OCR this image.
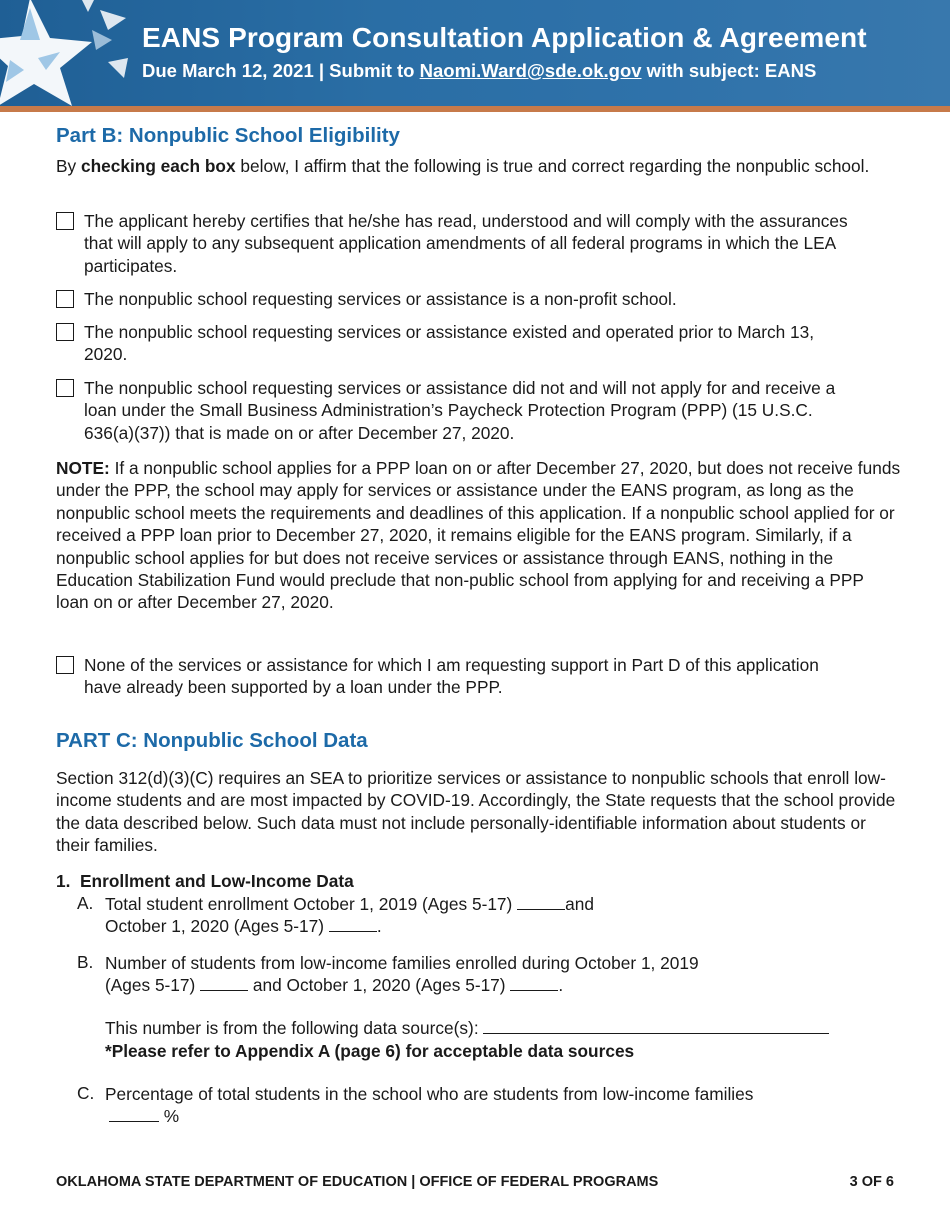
EANS Program Consultation Application & Agreement
Due March 12, 2021 | Submit to Naomi.Ward@sde.ok.gov with subject: EANS
Part B: Nonpublic School Eligibility
By checking each box below, I affirm that the following is true and correct regarding the nonpublic school.
The applicant hereby certifies that he/she has read, understood and will comply with the assurances that will apply to any subsequent application amendments of all federal programs in which the LEA participates.
The nonpublic school requesting services or assistance is a non-profit school.
The nonpublic school requesting services or assistance existed and operated prior to March 13, 2020.
The nonpublic school requesting services or assistance did not and will not apply for and receive a loan under the Small Business Administration’s Paycheck Protection Program (PPP) (15 U.S.C. 636(a)(37)) that is made on or after December 27, 2020.
NOTE: If a nonpublic school applies for a PPP loan on or after December 27, 2020, but does not receive funds under the PPP, the school may apply for services or assistance under the EANS program, as long as the nonpublic school meets the requirements and deadlines of this application. If a nonpublic school applied for or received a PPP loan prior to December 27, 2020, it remains eligible for the EANS program. Similarly, if a nonpublic school applies for but does not receive services or assistance through EANS, nothing in the Education Stabilization Fund would preclude that non-public school from applying for and receiving a PPP loan on or after December 27, 2020.
None of the services or assistance for which I am requesting support in Part D of this application have already been supported by a loan under the PPP.
PART C: Nonpublic School Data
Section 312(d)(3)(C) requires an SEA to prioritize services or assistance to nonpublic schools that enroll low-income students and are most impacted by COVID-19. Accordingly, the State requests that the school provide the data described below. Such data must not include personally-identifiable information about students or their families.
1. Enrollment and Low-Income Data
A. Total student enrollment October 1, 2019 (Ages 5-17)	and
October 1, 2020 (Ages 5-17)	.
B. Number of students from low-income families enrolled during October 1, 2019
(Ages 5-17)	and October 1, 2020 (Ages 5-17)	.
This number is from the following data source(s):
*Please refer to Appendix A (page 6) for acceptable data sources
C. Percentage of total students in the school who are students from low-income families
%
OKLAHOMA STATE DEPARTMENT OF EDUCATION | OFFICE OF FEDERAL PROGRAMS	3 OF 6
